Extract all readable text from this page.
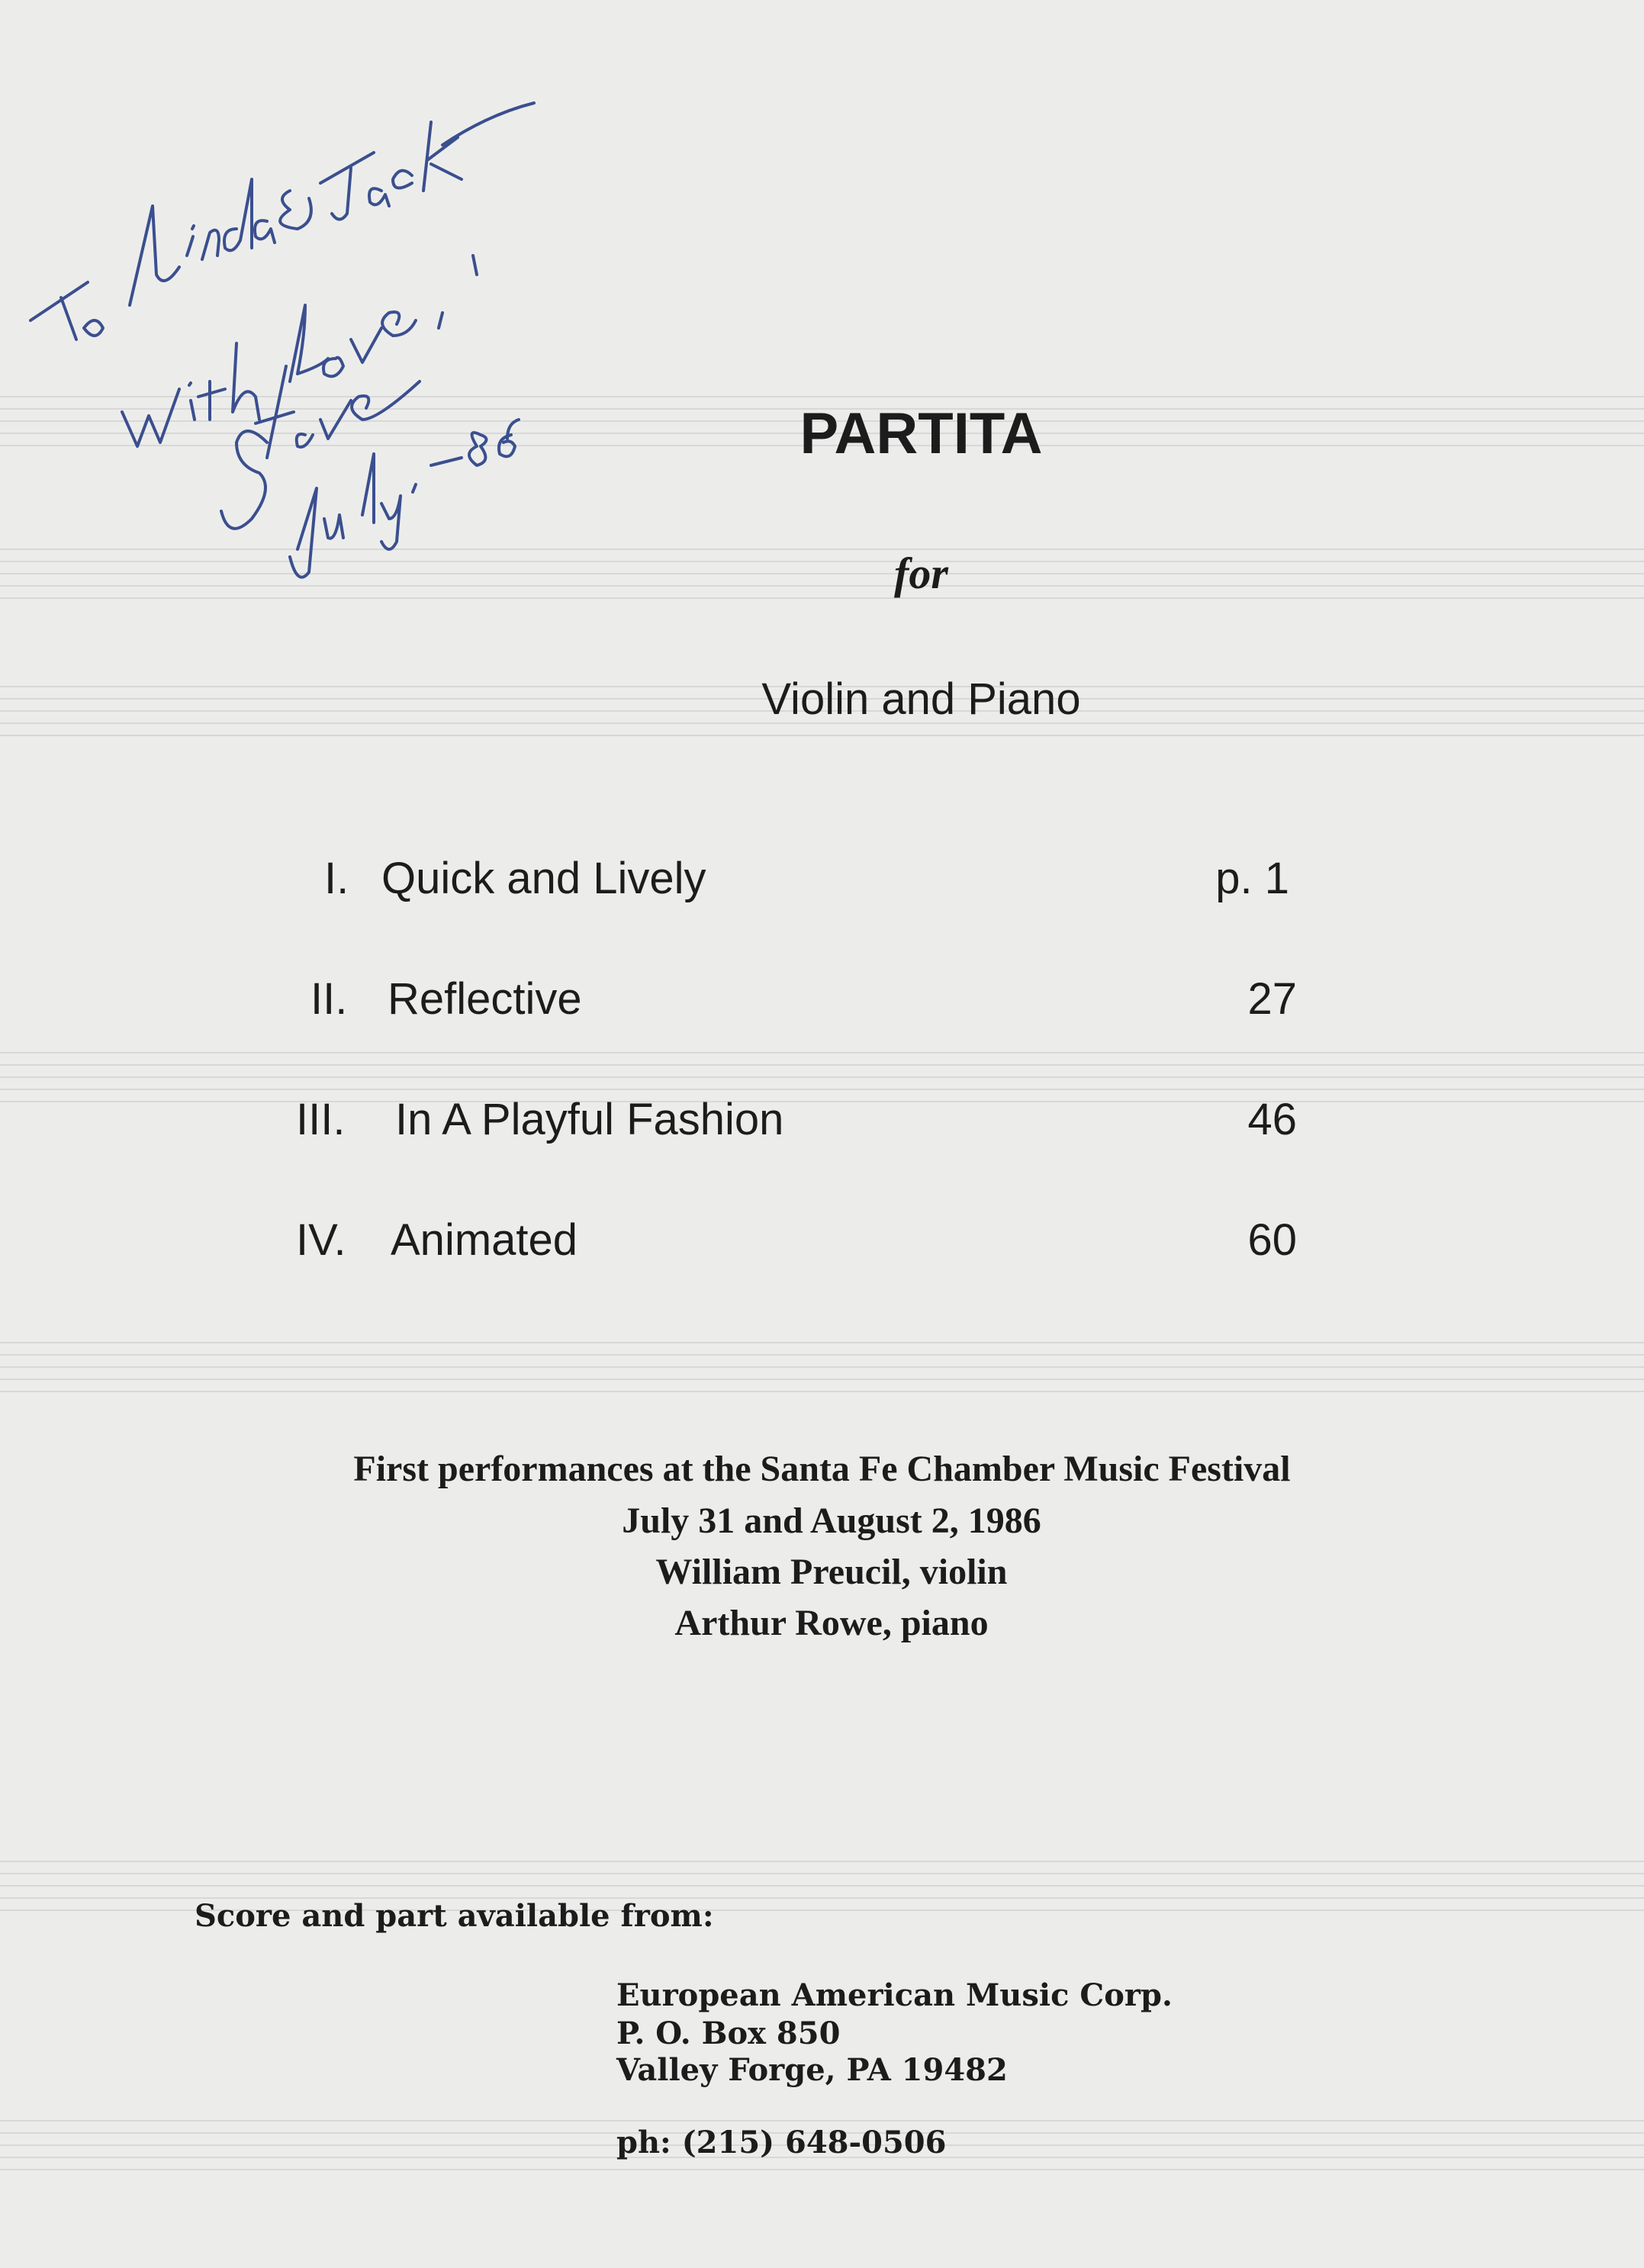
PARTITA
for
Violin and Piano
I. Quick and Lively	p. 1
II. Reflective	27
III. In A Playful Fashion	46
IV. Animated	60
First performances at the Santa Fe Chamber Music Festival
July 31 and August 2, 1986
William Preucil, violin
Arthur Rowe, piano
Score and part available from:
European American Music Corp.
P. O. Box 850
Valley Forge, PA 19482
ph: (215) 648-0506
